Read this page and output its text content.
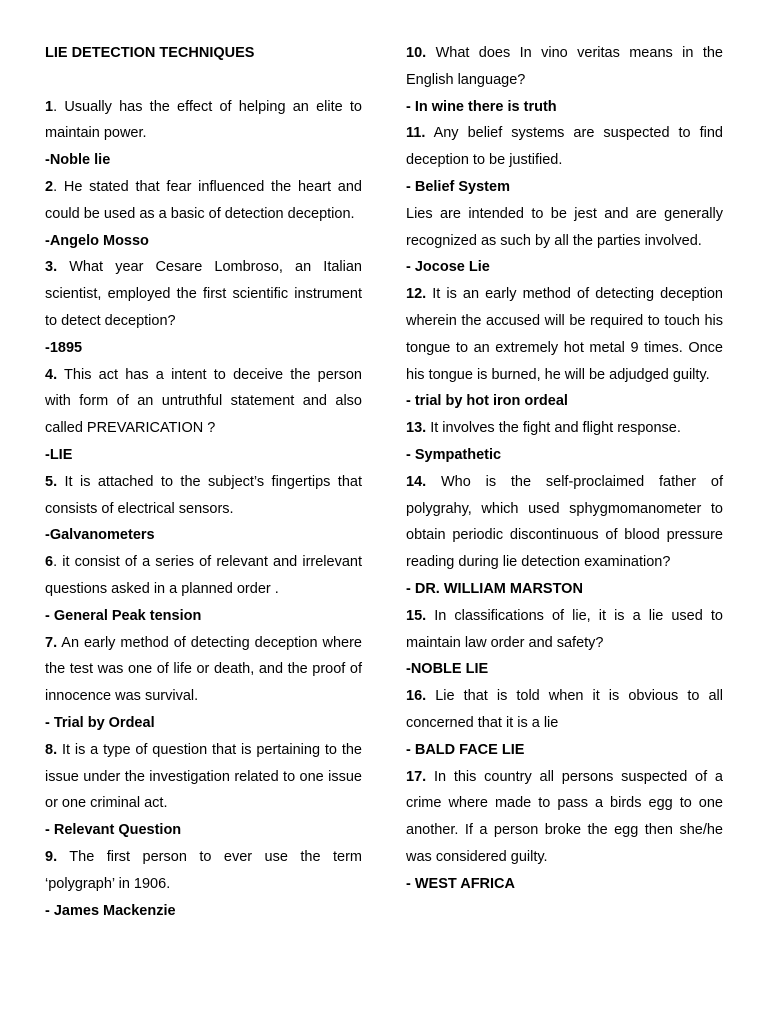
LIE DETECTION TECHNIQUES

1. Usually has the effect of helping an elite to maintain power.

-Noble lie

2. He stated that fear influenced the heart and could be used as a basic of detection deception.

-Angelo Mosso

3. What year Cesare Lombroso, an Italian scientist, employed the first scientific instrument to detect deception?

-1895

4. This act has a intent to deceive the person with form of an untruthful statement and also called PREVARICATION ?

-LIE

5. It is attached to the subject’s fingertips that consists of electrical sensors.

-Galvanometers

6. it consist of a series of relevant and irrelevant questions asked in a planned order .

- General Peak tension

7. An early method of detecting deception where the test was one of life or death, and the proof of innocence was survival.

- Trial by Ordeal

8. It is a type of question that is pertaining to the issue under the investigation related to one issue or one criminal act.

- Relevant Question

9. The first person to ever use the term ‘polygraph’ in 1906.

- James Mackenzie

10. What does In vino veritas means in the English language?

- In wine there is truth

11. Any belief systems are suspected to find deception to be justified.

- Belief System

Lies are intended to be jest and are generally recognized as such by all the parties involved.

- Jocose Lie

12. It is an early method of detecting deception wherein the accused will be required to touch his tongue to an extremely hot metal 9 times. Once his tongue is burned, he will be adjudged guilty.

- trial by hot iron ordeal

13. It involves the fight and flight response.

- Sympathetic

14. Who is the self-proclaimed father of polygrahy, which used sphygmomanometer to obtain periodic discontinuous of blood pressure reading during lie detection examination?

- DR. WILLIAM MARSTON

15. In classifications of lie, it is a lie used to maintain law order and safety?

-NOBLE LIE

16. Lie that is told when it is obvious to all concerned that it is a lie

- BALD FACE LIE

17. In this country all persons suspected of a crime where made to pass a birds egg to one another. If a person broke the egg then she/he was considered guilty.

- WEST AFRICA
